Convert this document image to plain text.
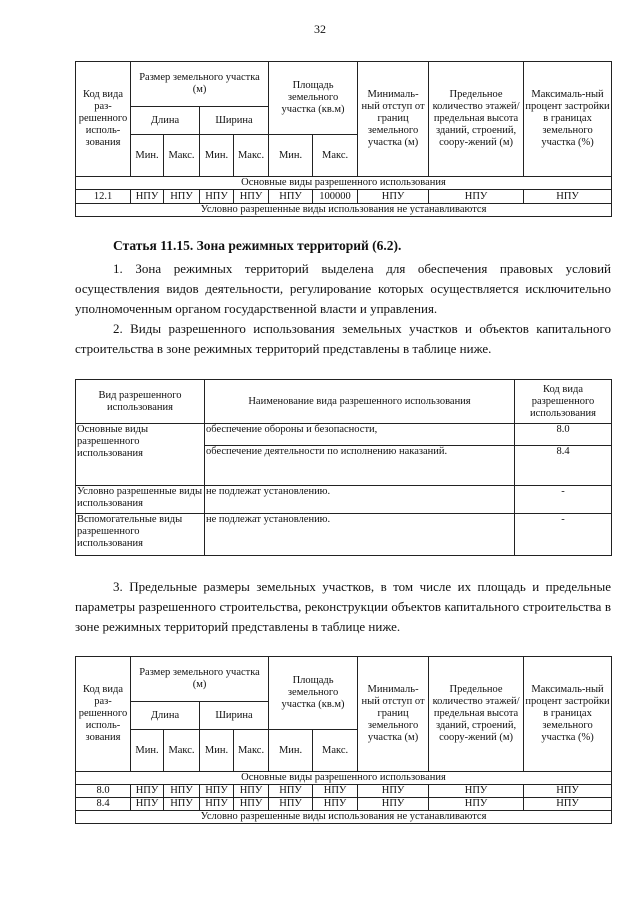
32
Код вида раз-решенного исполь-зования	Размер земельного участка (м)				Площадь земельного участка (кв.м)		Минималь-ный отступ от границ земельного участка (м)	Предельное количество этажей/ предельная высота зданий, строений, соору-жений (м)	Максималь-ный процент застройки в границах земельного участка (%)
	Длина		Ширина						
	Мин.	Макс.	Мин.	Макс.	Мин.	Макс.			
Основные виды разрешенного использования									
12.1	НПУ	НПУ	НПУ	НПУ	НПУ	100000	НПУ	НПУ	НПУ
Условно разрешенные виды использования не устанавливаются									
Статья 11.15. Зона режимных территорий (6.2).
1. Зона режимных территорий выделена для обеспечения правовых условий осуществления видов деятельности, регулирование которых осуществляется исключительно уполномоченным органом государственной власти и управления.
2. Виды разрешенного использования земельных участков и объектов капитального строительства в зоне режимных территорий представлены в таблице ниже.
Вид разрешенного использования	Наименование вида разрешенного использования	Код вида разрешенного использования
Основные виды разрешенного использования	обеспечение обороны и безопасности,	8.0
	обеспечение деятельности по исполнению наказаний.	8.4
Условно разрешенные виды использования	не подлежат установлению.	-
Вспомогательные виды разрешенного использования	не подлежат установлению.	-
3. Предельные размеры земельных участков, в том числе их площадь и предельные параметры разрешенного строительства, реконструкции объектов капитального строительства в зоне режимных территорий представлены в таблице ниже.
Код вида раз-решенного исполь-зования	Размер земельного участка (м)				Площадь земельного участка (кв.м)		Минималь-ный отступ от границ земельного участка (м)	Предельное количество этажей/ предельная высота зданий, строений, соору-жений (м)	Максималь-ный процент застройки в границах земельного участка (%)
	Длина		Ширина						
	Мин.	Макс.	Мин.	Макс.	Мин.	Макс.			
Основные виды разрешенного использования									
8.0	НПУ	НПУ	НПУ	НПУ	НПУ	НПУ	НПУ	НПУ	НПУ
8.4	НПУ	НПУ	НПУ	НПУ	НПУ	НПУ	НПУ	НПУ	НПУ
Условно разрешенные виды использования не устанавливаются									
